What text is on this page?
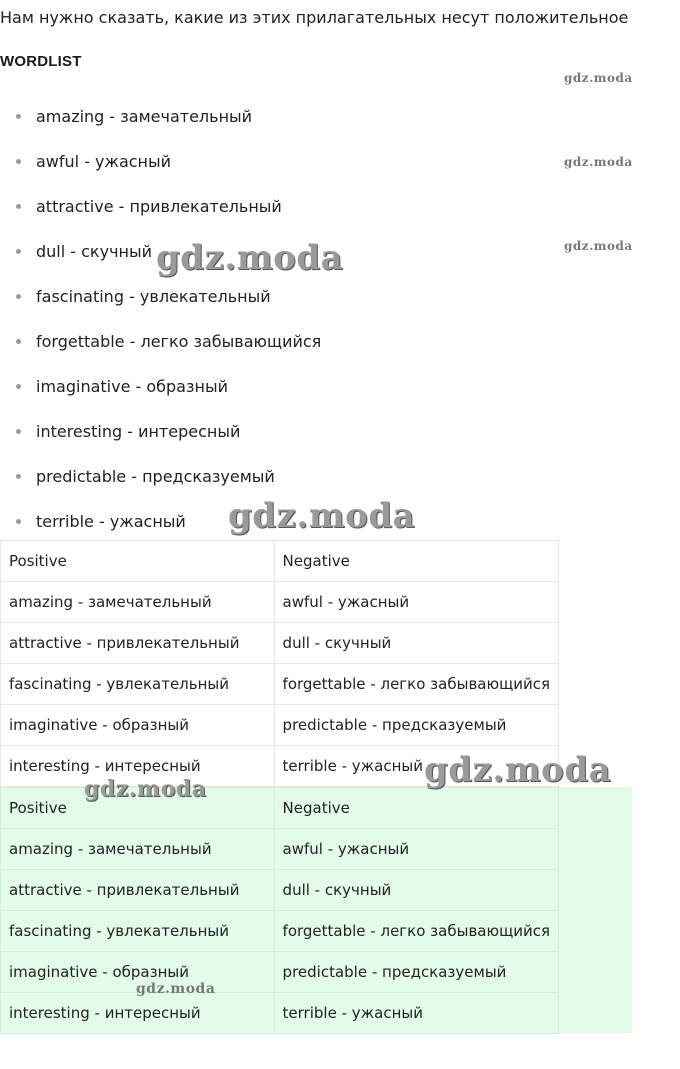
Нам нужно сказать, какие из этих прилагательных несут положительное
WORDLIST
amazing - замечательный
awful - ужасный
attractive - привлекательный
dull - скучный
fascinating - увлекательный
forgettable - легко забывающийся
imaginative - образный
interesting - интересный
predictable - предсказуемый
terrible - ужасный
Positive	Negative
amazing - замечательный	awful - ужасный
attractive - привлекательный	dull - скучный
fascinating - увлекательный	forgettable - легко забывающийся
imaginative - образный	predictable - предсказуемый
interesting - интересный	terrible - ужасный
Positive	Negative
amazing - замечательный	awful - ужасный
attractive - привлекательный	dull - скучный
fascinating - увлекательный	forgettable - легко забывающийся
imaginative - образный	predictable - предсказуемый
interesting - интересный	terrible - ужасный
gdz.moda
gdz.moda
gdz.moda
gdz.moda
gdz.moda
gdz.moda
gdz.moda
gdz.moda
